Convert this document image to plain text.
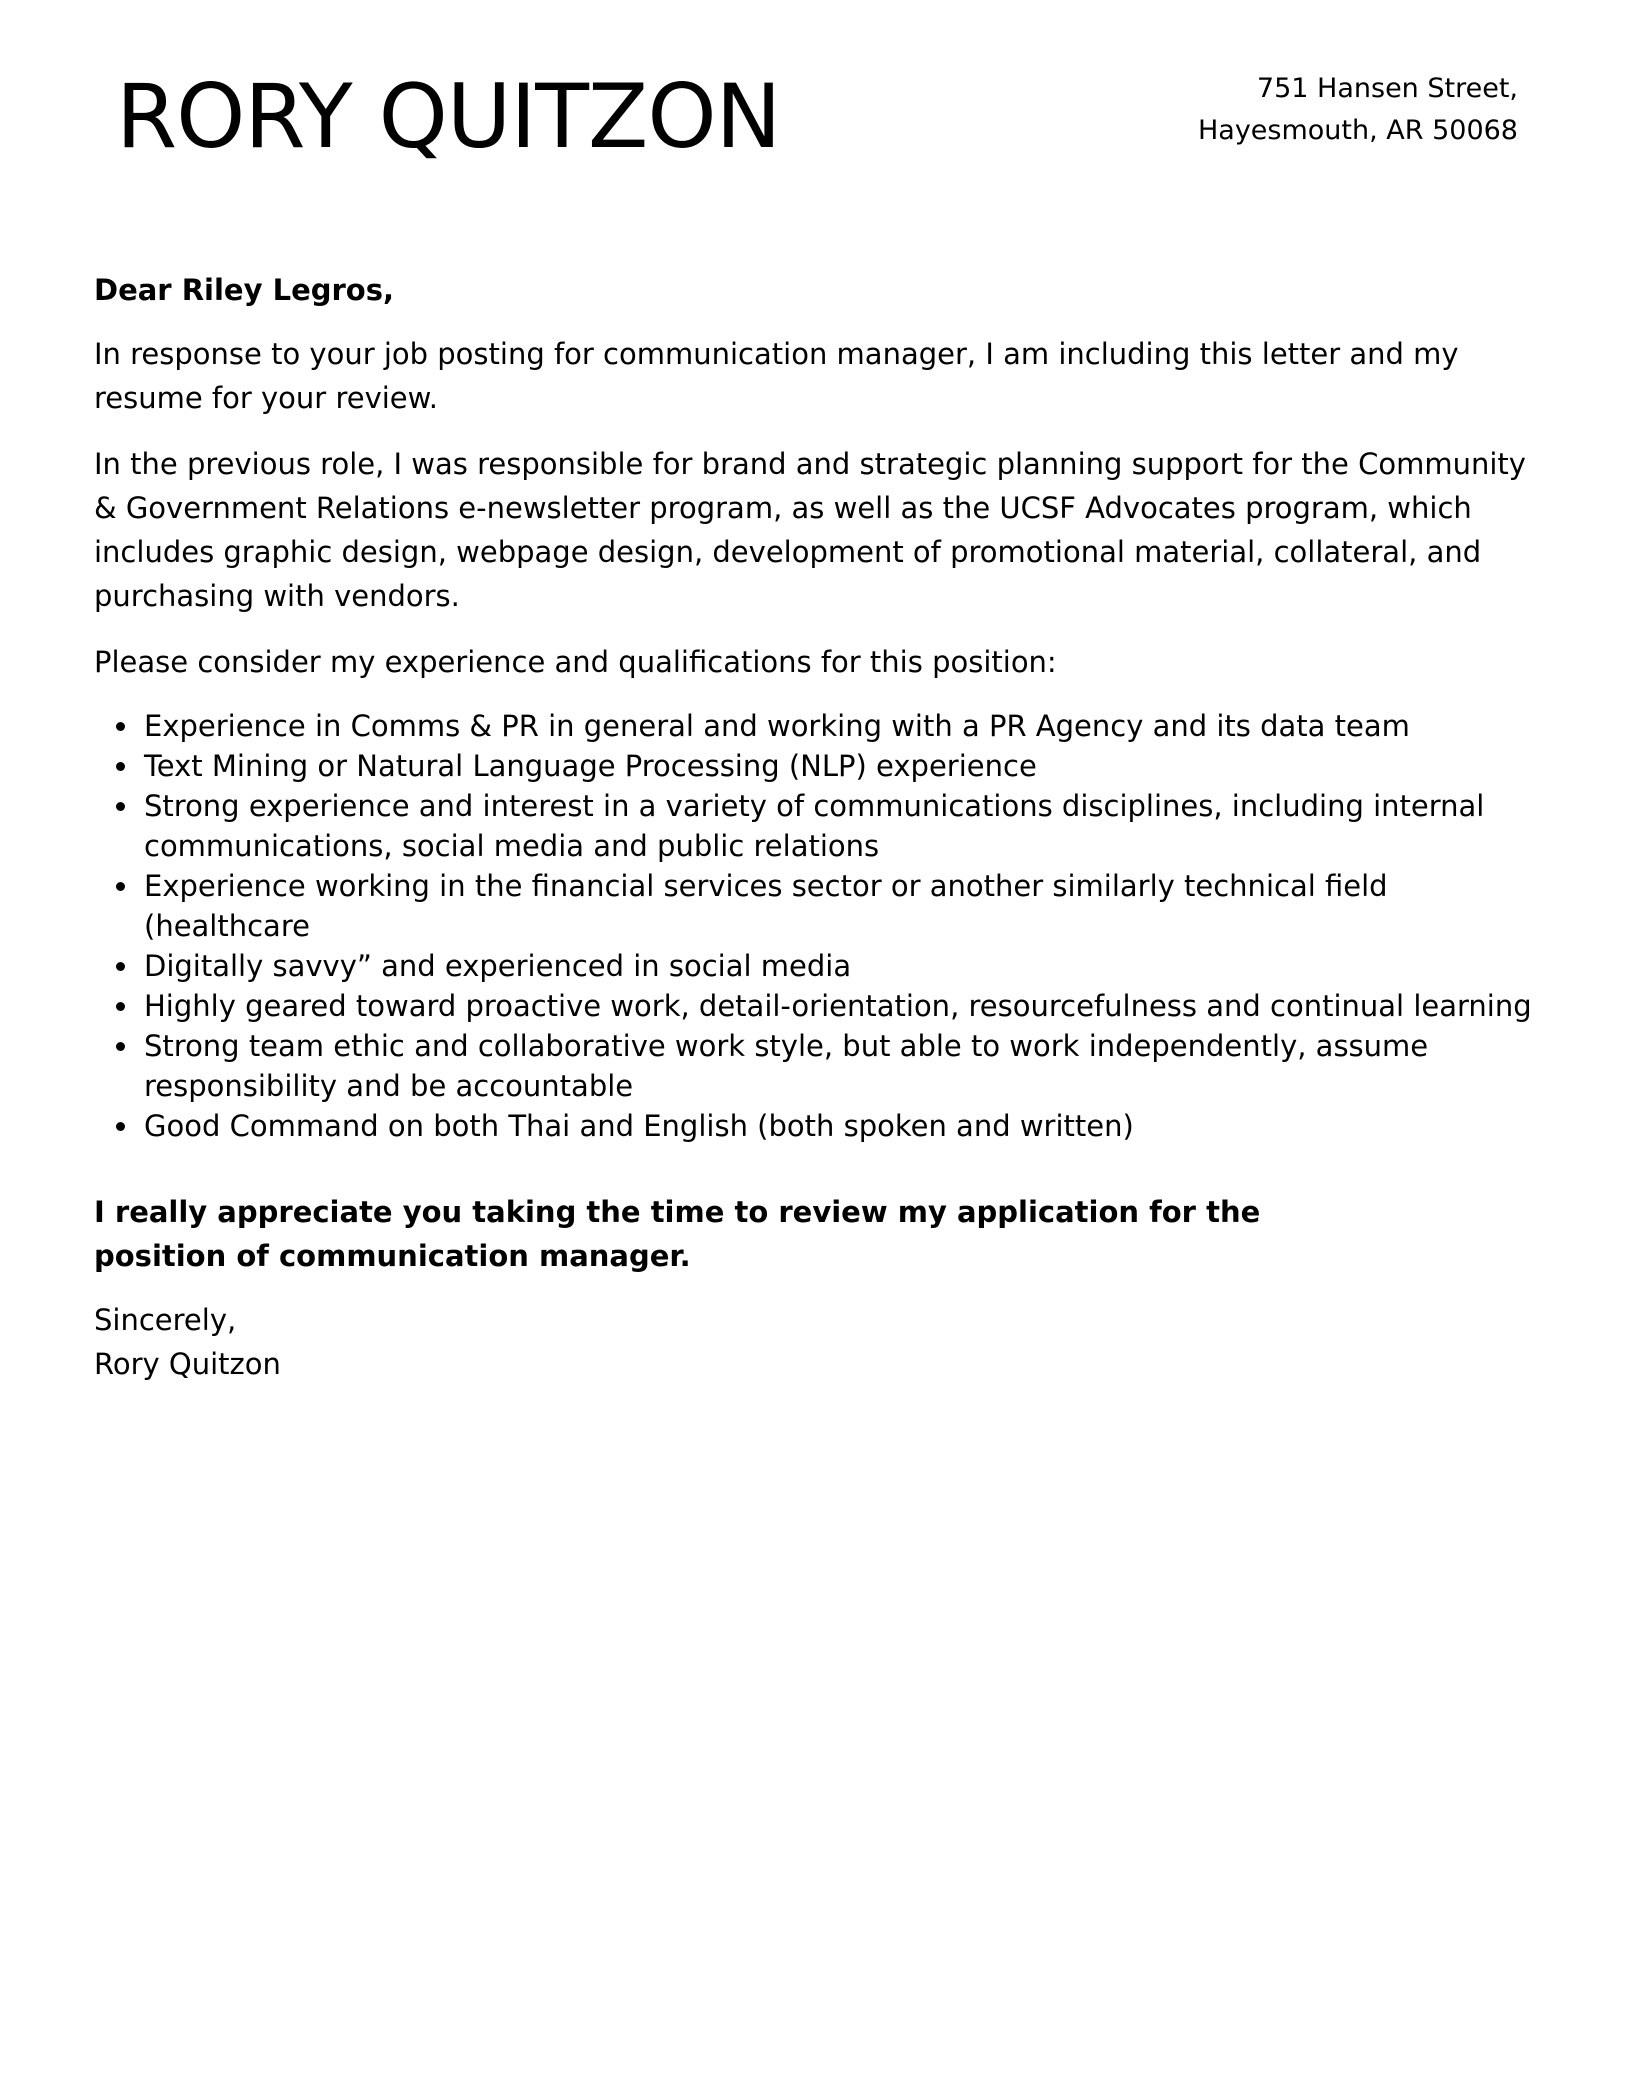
RORY QUITZON	751 Hansen Street,
Hayesmouth, AR 50068

Dear Riley Legros,

In response to your job posting for communication manager, I am including this letter and my resume for your review.

In the previous role, I was responsible for brand and strategic planning support for the Community & Government Relations e-newsletter program, as well as the UCSF Advocates program, which includes graphic design, webpage design, development of promotional material, collateral, and purchasing with vendors.

Please consider my experience and qualifications for this position:

Experience in Comms & PR in general and working with a PR Agency and its data team
Text Mining or Natural Language Processing (NLP) experience
Strong experience and interest in a variety of communications disciplines, including internal communications, social media and public relations
Experience working in the financial services sector or another similarly technical field (healthcare
Digitally savvy” and experienced in social media
Highly geared toward proactive work, detail-orientation, resourcefulness and continual learning
Strong team ethic and collaborative work style, but able to work independently, assume responsibility and be accountable
Good Command on both Thai and English (both spoken and written)

I really appreciate you taking the time to review my application for the position of communication manager.

Sincerely,
Rory Quitzon
